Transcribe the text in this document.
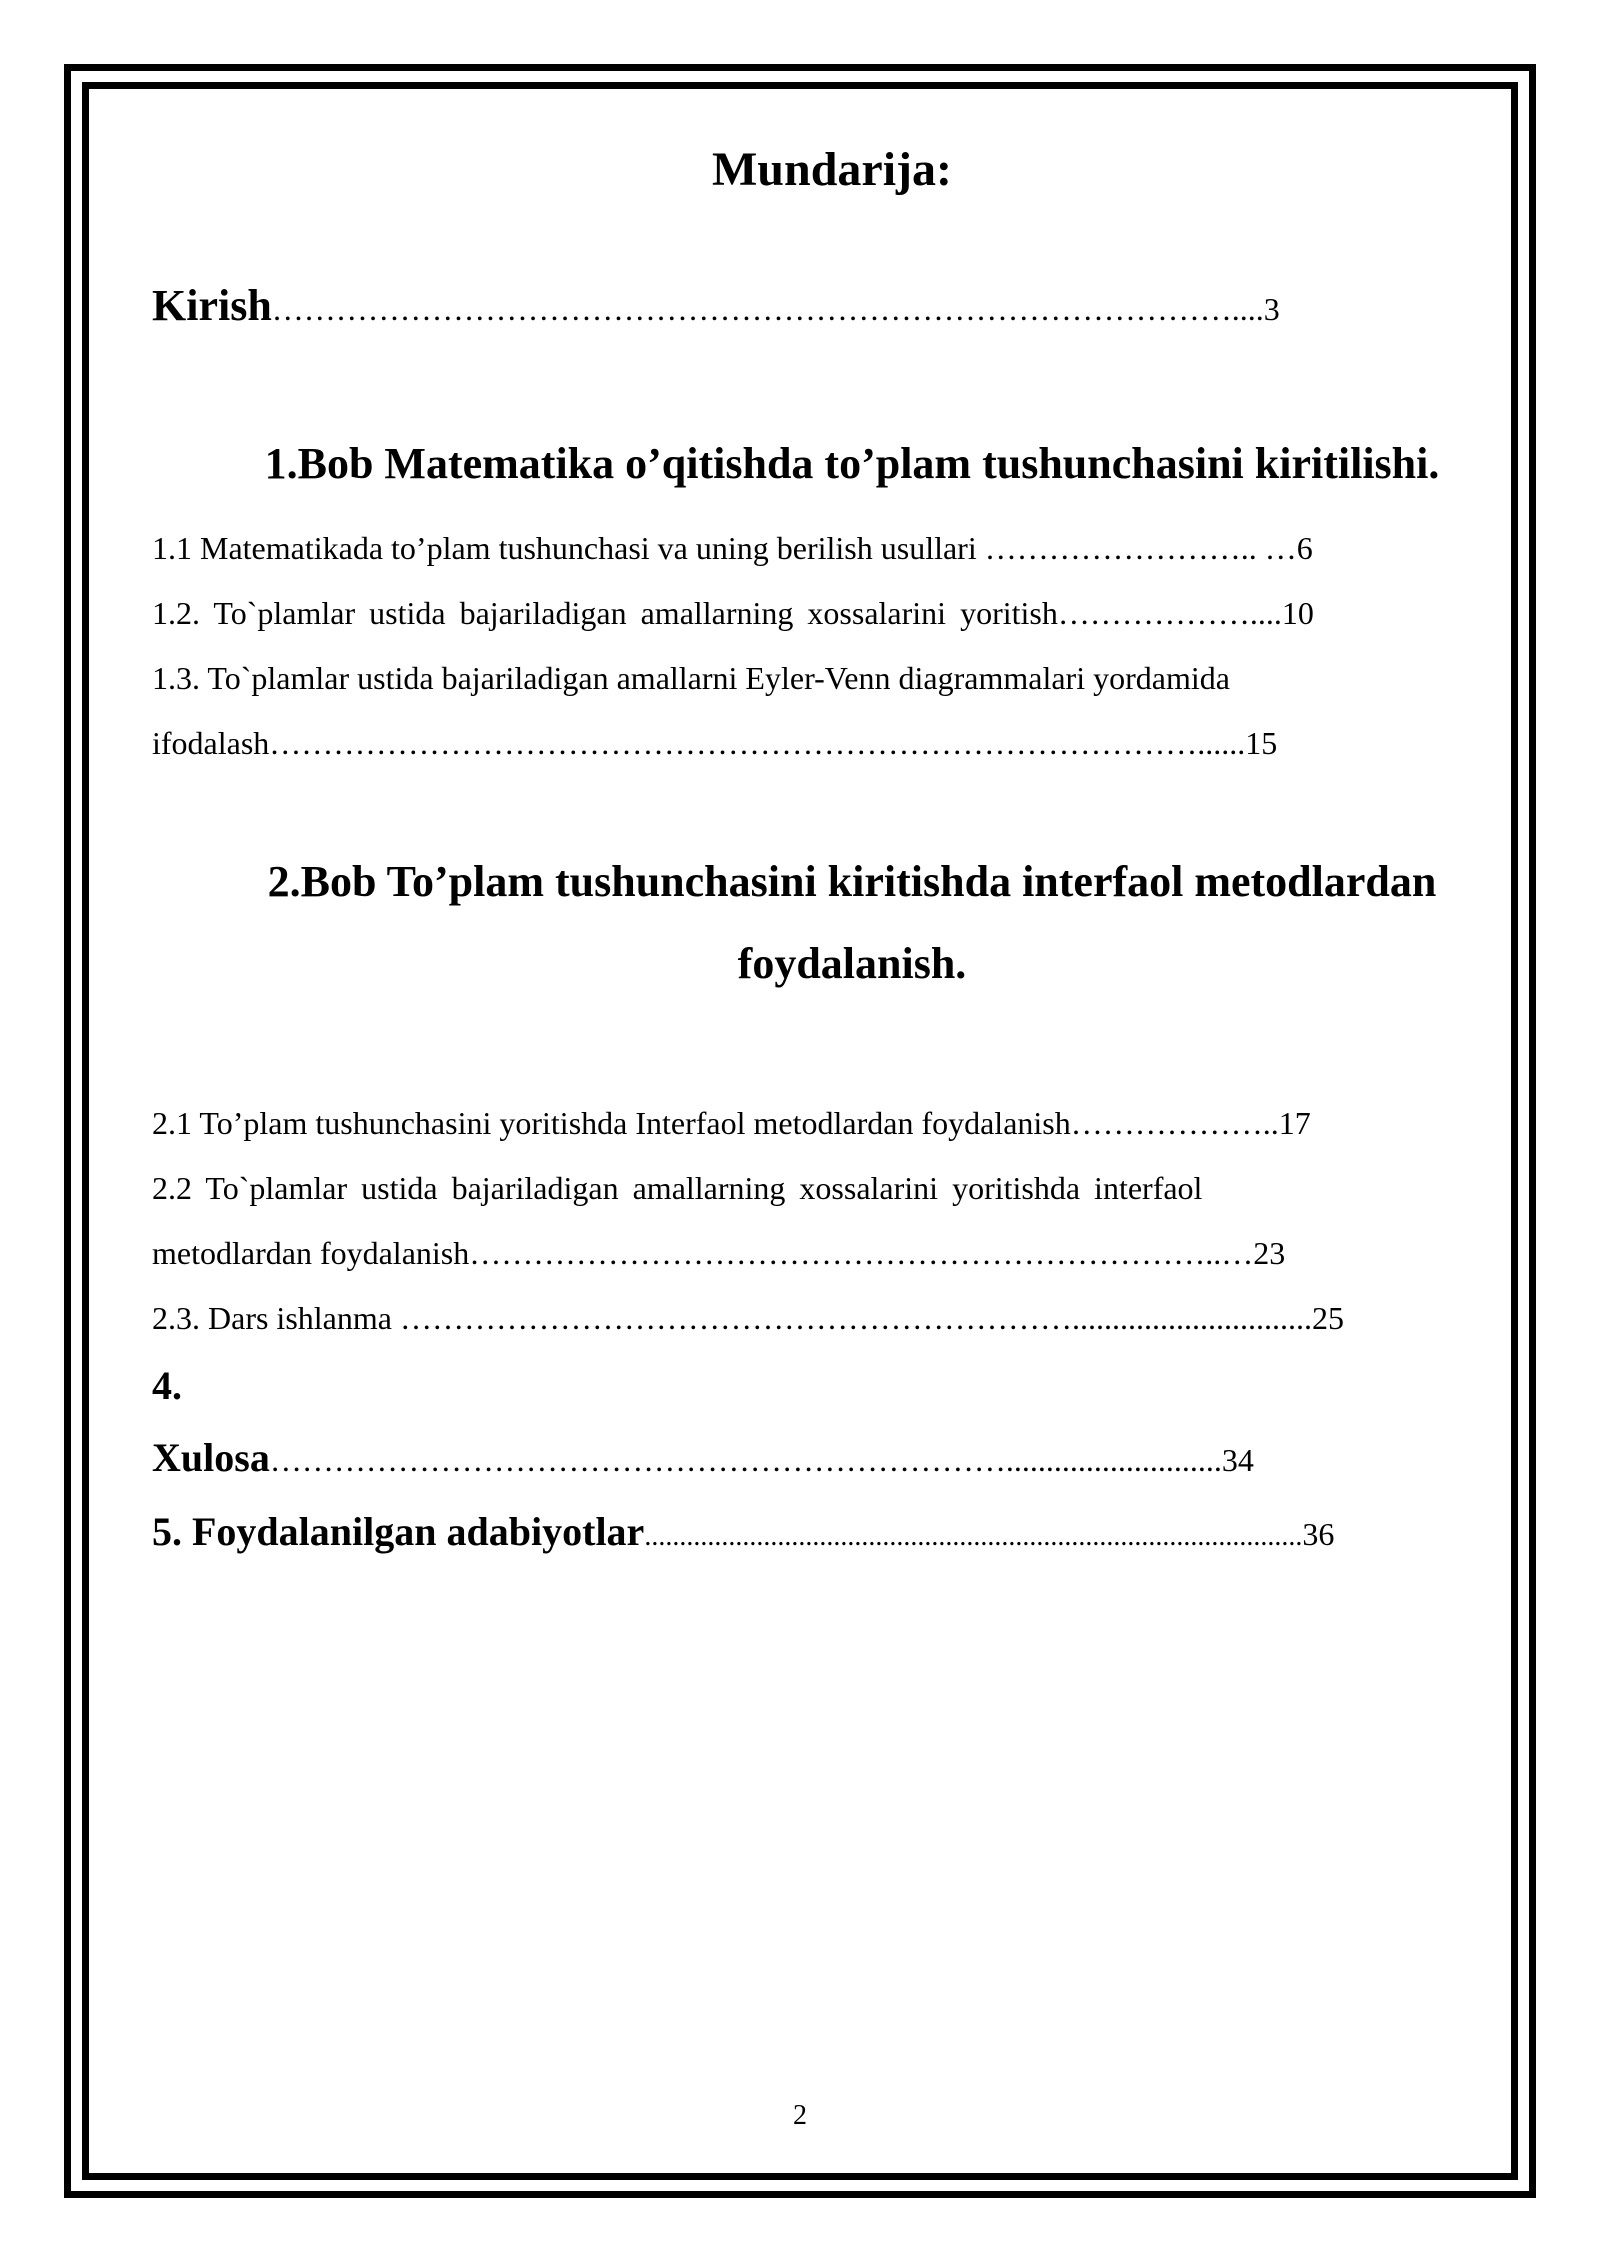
Mundarija:
Kirish………………………………………………………………………………....3
1.Bob Matematika o’qitishda to’plam tushunchasini kiritilishi.
1.1 Matematikada to’plam tushunchasi va uning berilish usullari …………………….. …6
1.2. To`plamlar ustida bajariladigan amallarning xossalarini yoritish………………....10
1.3. To`plamlar ustida bajariladigan amallarni Eyler-Venn diagrammalari yordamida
ifodalash……………………………………………………………………………......15
2.Bob To’plam tushunchasini kiritishda interfaol metodlardan
foydalanish.
2.1 To’plam tushunchasini yoritishda Interfaol metodlardan foydalanish………………..17
2.2 To`plamlar ustida bajariladigan amallarning xossalarini yoritishda interfaol
metodlardan foydalanish……………………………………………………………..…23
2.3. Dars ishlanma ………………………………………………………..............................25
4.
Xulosa……………………………………………………………...........................34
5. Foydalanilgan adabiyotlar..............................................................................................36
2
